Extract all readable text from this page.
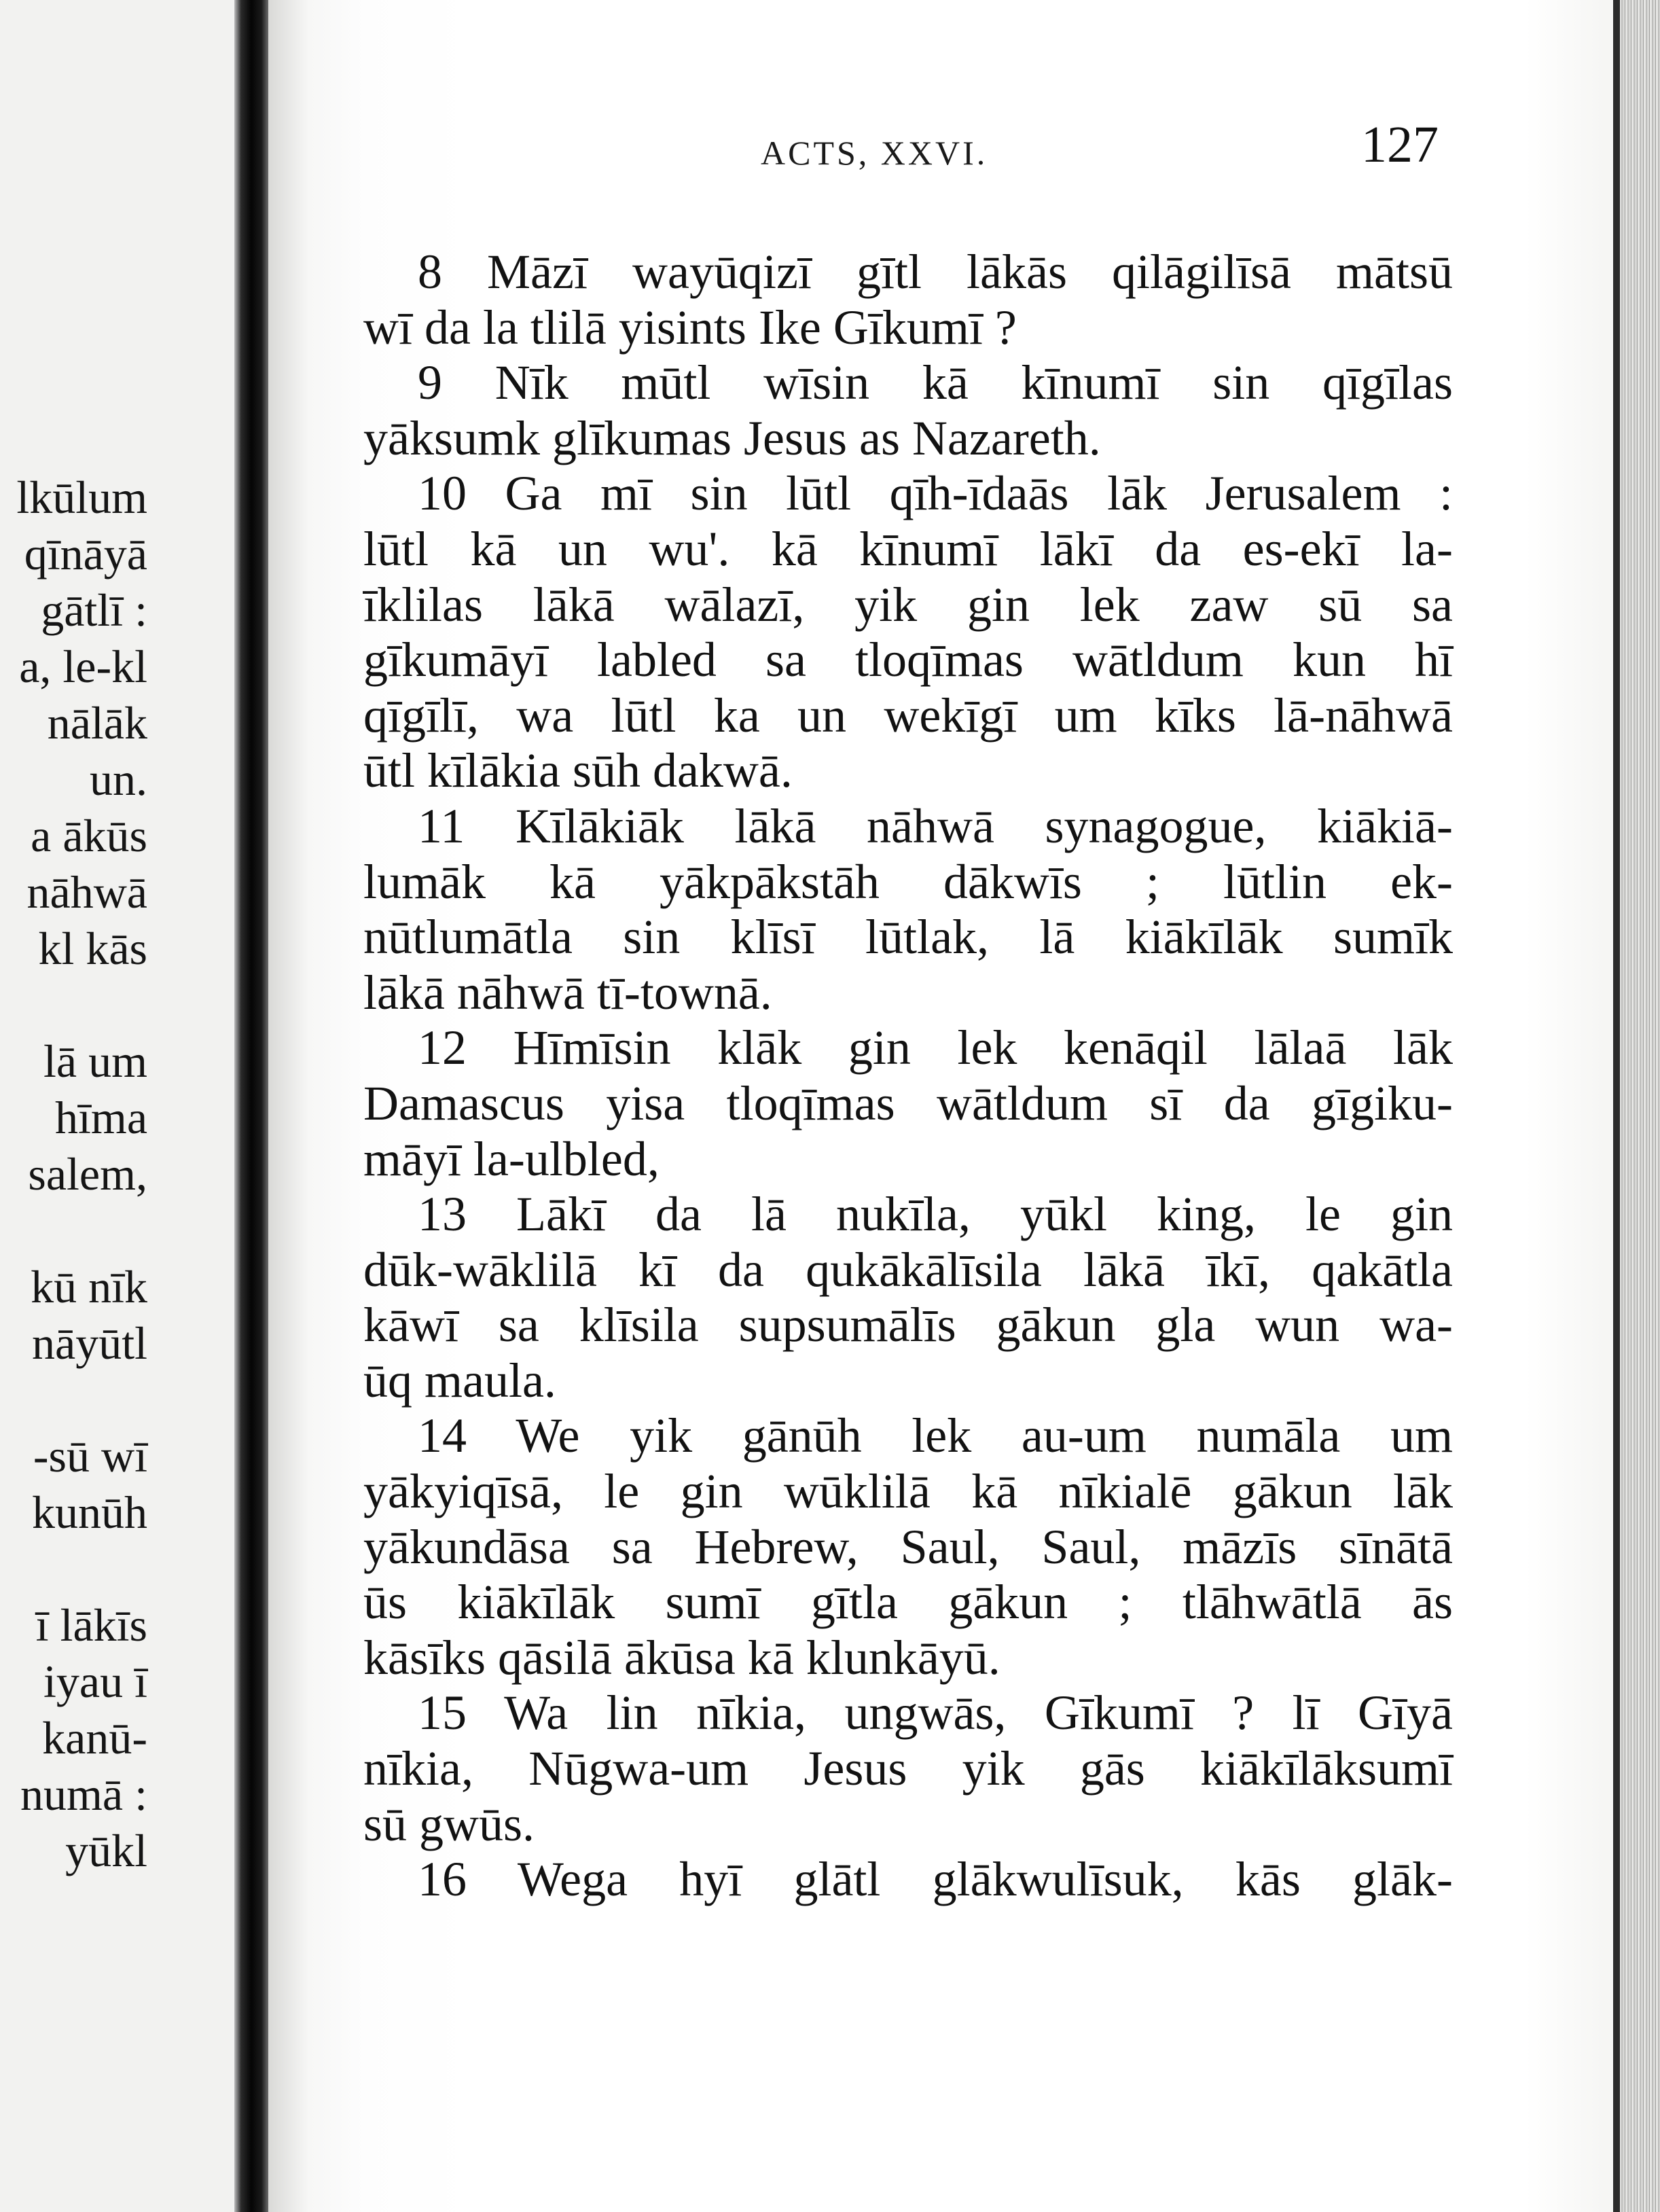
lkūlum
qīnāyā
gātlī :
a, le-kl
nālāk
un.
a ākūs
nāhwā
kl kās
lā um
hīma
salem,
kū nīk
nāyūtl
-sū wī
kunūh
ī lākīs
iyau ī
kanū-
numā :
yūkl
ACTS, XXVI.	127
8 Māzī wayūqizī gītl lākās qilāgilīsā mātsū
wī da la tlilā yisints Ike Gīkumī ?
9 Nīk mūtl wīsin kā kīnumī sin qīgīlas
yāksumk glīkumas Jesus as Nazareth.
10 Ga mī sin lūtl qīh-īdaās lāk Jerusalem :
lūtl kā un wu'. kā kīnumī lākī da es-ekī la-
īklilas lākā wālazī, yik gin lek zaw sū sa
gīkumāyī labled sa tloqīmas wātldum kun hī
qīgīlī, wa lūtl ka un wekīgī um kīks lā-nāhwā
ūtl kīlākia sūh dakwā.
11 Kīlākiāk lākā nāhwā synagogue, kiākiā-
lumāk kā yākpākstāh dākwīs ; lūtlin ek-
nūtlumātla sin klīsī lūtlak, lā kiākīlāk sumīk
lākā nāhwā tī-townā.
12 Hīmīsin klāk gin lek kenāqil lālaā lāk
Damascus yisa tloqīmas wātldum sī da gīgiku-
māyī la-ulbled,
13 Lākī da lā nukīla, yūkl king, le gin
dūk-wāklilā kī da qukākālīsila lākā īkī, qakātla
kāwī sa klīsila supsumālīs gākun gla wun wa-
ūq maula.
14 We yik gānūh lek au-um numāla um
yākyiqīsā, le gin wūklilā kā nīkialē gākun lāk
yākundāsa sa Hebrew, Saul, Saul, māzīs sīnātā
ūs kiākīlāk sumī gītla gākun ; tlāhwātlā ās
kāsīks qāsilā ākūsa kā klunkāyū.
15 Wa lin nīkia, ungwās, Gīkumī ? lī Gīyā
nīkia, Nūgwa-um Jesus yik gās kiākīlāksumī
sū gwūs.
16 Wega hyī glātl glākwulīsuk, kās glāk-
